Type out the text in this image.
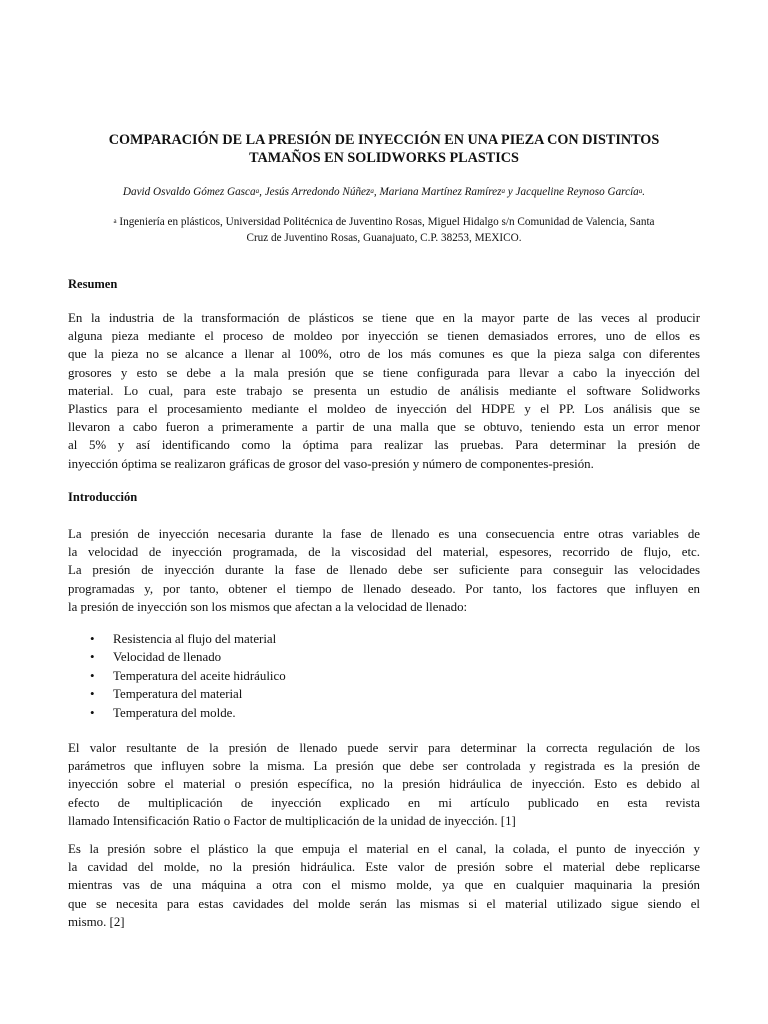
COMPARACIÓN DE LA PRESIÓN DE INYECCIÓN EN UNA PIEZA CON DISTINTOS
TAMAÑOS EN SOLIDWORKS PLASTICS

David Osvaldo Gómez Gasca$^a$, Jesús Arredondo Núñez$^a$, Mariana Martínez Ramírez$^a$ y Jacqueline Reynoso García$^a$.

$^a$ Ingeniería en plásticos, Universidad Politécnica de Juventino Rosas, Miguel Hidalgo s/n Comunidad de Valencia, Santa
Cruz de Juventino Rosas, Guanajuato, C.P. 38253, MEXICO.

Resumen
En la industria de la transformación de plásticos se tiene que en la mayor parte de las veces al producir
alguna pieza mediante el proceso de moldeo por inyección se tienen demasiados errores, uno de ellos es
que la pieza no se alcance a llenar al 100%, otro de los más comunes es que la pieza salga con diferentes
grosores y esto se debe a la mala presión que se tiene configurada para llevar a cabo la inyección del
material. Lo cual, para este trabajo se presenta un estudio de análisis mediante el software Solidworks
Plastics para el procesamiento mediante el moldeo de inyección del HDPE y el PP. Los análisis que se
llevaron a cabo fueron a primeramente a partir de una malla que se obtuvo, teniendo esta un error menor
al 5% y así identificando como la óptima para realizar las pruebas. Para determinar la presión de
inyección óptima se realizaron gráficas de grosor del vaso-presión y número de componentes-presión.
Introducción
La presión de inyección necesaria durante la fase de llenado es una consecuencia entre otras variables de
la velocidad de inyección programada, de la viscosidad del material, espesores, recorrido de flujo, etc.
La presión de inyección durante la fase de llenado debe ser suficiente para conseguir las velocidades
programadas y, por tanto, obtener el tiempo de llenado deseado. Por tanto, los factores que influyen en
la presión de inyección son los mismos que afectan a la velocidad de llenado:
• Resistencia al flujo del material
• Velocidad de llenado
• Temperatura del aceite hidráulico
• Temperatura del material
• Temperatura del molde.
El valor resultante de la presión de llenado puede servir para determinar la correcta regulación de los
parámetros que influyen sobre la misma. La presión que debe ser controlada y registrada es la presión de
inyección sobre el material o presión específica, no la presión hidráulica de inyección. Esto es debido al
efecto de multiplicación de inyección explicado en mi artículo publicado en esta revista
llamado Intensificación Ratio o Factor de multiplicación de la unidad de inyección. [1]
Es la presión sobre el plástico la que empuja el material en el canal, la colada, el punto de inyección y
la cavidad del molde, no la presión hidráulica. Este valor de presión sobre el material debe replicarse
mientras vas de una máquina a otra con el mismo molde, ya que en cualquier maquinaria la presión
que se necesita para estas cavidades del molde serán las mismas si el material utilizado sigue siendo el
mismo. [2]
